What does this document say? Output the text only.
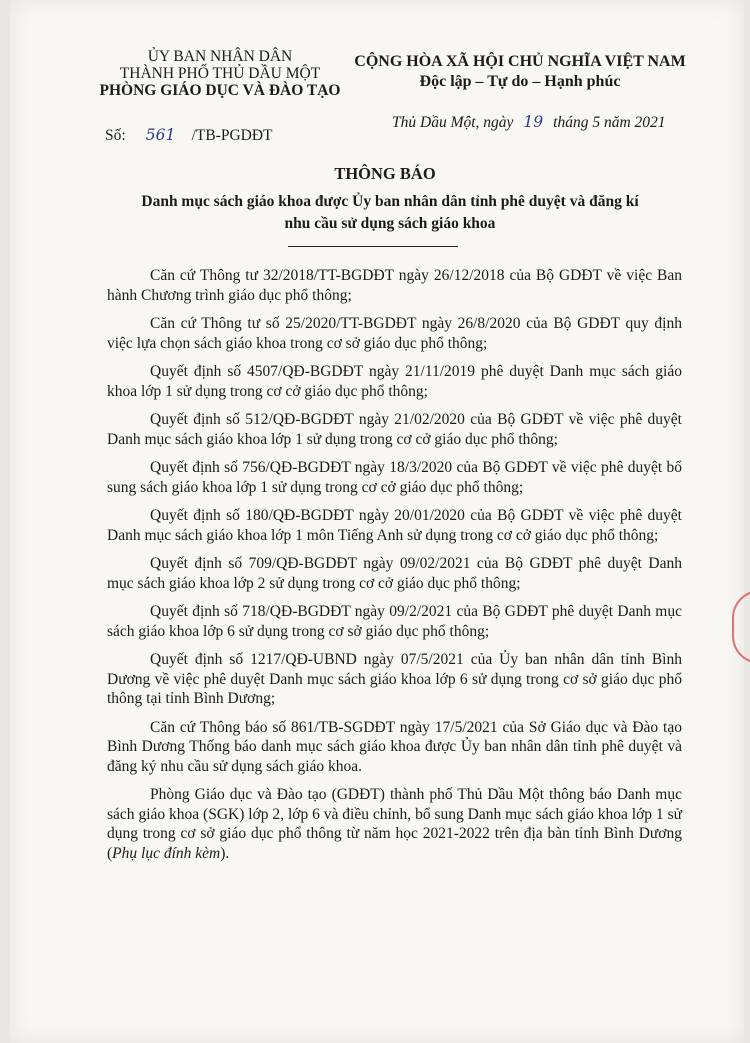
ỦY BAN NHÂN DÂN
THÀNH PHỐ THỦ DẦU MỘT
PHÒNG GIÁO DỤC VÀ ĐÀO TẠO
CỘNG HÒA XÃ HỘI CHỦ NGHĨA VIỆT NAM
Độc lập – Tự do – Hạnh phúc
Số: 561 /TB-PGDĐT
Thủ Dầu Một, ngày 19 tháng 5 năm 2021
THÔNG BÁO
Danh mục sách giáo khoa được Ủy ban nhân dân tỉnh phê duyệt và đăng kí
nhu cầu sử dụng sách giáo khoa

Căn cứ Thông tư 32/2018/TT-BGDĐT ngày 26/12/2018 của Bộ GDĐT về việc Ban hành Chương trình giáo dục phổ thông;

Căn cứ Thông tư số 25/2020/TT-BGDĐT ngày 26/8/2020 của Bộ GDĐT quy định việc lựa chọn sách giáo khoa trong cơ sở giáo dục phổ thông;

Quyết định số 4507/QĐ-BGDĐT ngày 21/11/2019 phê duyệt Danh mục sách giáo khoa lớp 1 sử dụng trong cơ cở giáo dục phổ thông;

Quyết định số 512/QĐ-BGDĐT ngày 21/02/2020 của Bộ GDĐT về việc phê duyệt Danh mục sách giáo khoa lớp 1 sử dụng trong cơ cở giáo dục phổ thông;

Quyết định số 756/QĐ-BGDĐT ngày 18/3/2020 của Bộ GDĐT về việc phê duyệt bổ sung sách giáo khoa lớp 1 sử dụng trong cơ cở giáo dục phổ thông;

Quyết định số 180/QĐ-BGDĐT ngày 20/01/2020 của Bộ GDĐT về việc phê duyệt Danh mục sách giáo khoa lớp 1 môn Tiếng Anh sử dụng trong cơ cở giáo dục phổ thông;

Quyết định số 709/QĐ-BGDĐT ngày 09/02/2021 của Bộ GDĐT phê duyệt Danh mục sách giáo khoa lớp 2 sử dụng trong cơ cở giáo dục phổ thông;

Quyết định số 718/QĐ-BGDĐT ngày 09/2/2021 của Bộ GDĐT phê duyệt Danh mục sách giáo khoa lớp 6 sử dụng trong cơ sở giáo dục phổ thông;

Quyết định số 1217/QĐ-UBND ngày 07/5/2021 của Ủy ban nhân dân tỉnh Bình Dương về việc phê duyệt Danh mục sách giáo khoa lớp 6 sử dụng trong cơ sở giáo dục phổ thông tại tỉnh Bình Dương;

Căn cứ Thông báo số 861/TB-SGDĐT ngày 17/5/2021 của Sở Giáo dục và Đào tạo Bình Dương Thống báo danh mục sách giáo khoa được Ủy ban nhân dân tỉnh phê duyệt và đăng ký nhu cầu sử dụng sách giáo khoa.

Phòng Giáo dục và Đào tạo (GDĐT) thành phố Thủ Dầu Một thông báo Danh mục sách giáo khoa (SGK) lớp 2, lớp 6 và điều chỉnh, bổ sung Danh mục sách giáo khoa lớp 1 sử dụng trong cơ sở giáo dục phổ thông từ năm học 2021-2022 trên địa bàn tỉnh Bình Dương (Phụ lục đính kèm).
